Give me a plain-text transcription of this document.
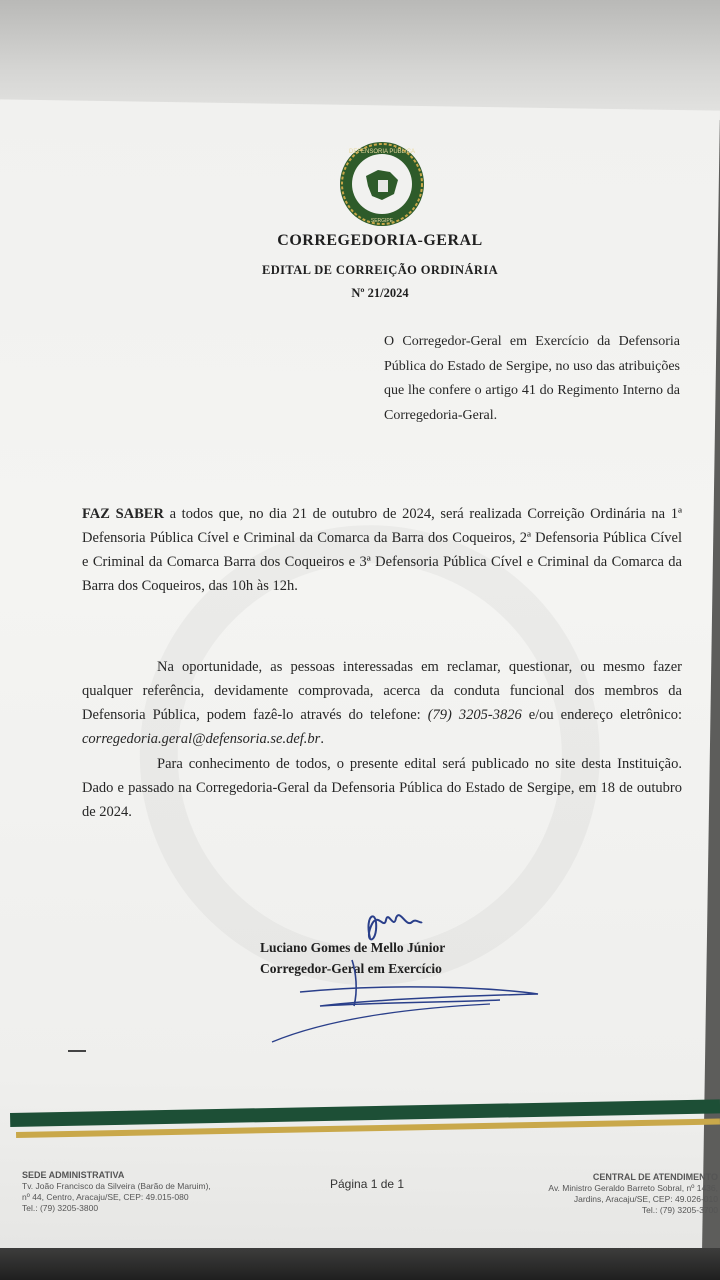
DEFENSORIA PÚBLICA
SERGIPE
CORREGEDORIA-GERAL
EDITAL DE CORREIÇÃO ORDINÁRIA
Nº 21/2024
O Corregedor-Geral em Exercício da Defensoria Pública do Estado de Sergipe, no uso das atribuições que lhe confere o artigo 41 do Regimento Interno da Corregedoria-Geral.
FAZ SABER a todos que, no dia 21 de outubro de 2024, será realizada Correição Ordinária na 1ª Defensoria Pública Cível e Criminal da Comarca da Barra dos Coqueiros, 2ª Defensoria Pública Cível e Criminal da Comarca Barra dos Coqueiros e 3ª Defensoria Pública Cível e Criminal da Comarca da Barra dos Coqueiros, das 10h às 12h.
Na oportunidade, as pessoas interessadas em reclamar, questionar, ou mesmo fazer qualquer referência, devidamente comprovada, acerca da conduta funcional dos membros da Defensoria Pública, podem fazê-lo através do telefone: (79) 3205-3826 e/ou endereço eletrônico: corregedoria.geral@defensoria.se.def.br.
Para conhecimento de todos, o presente edital será publicado no site desta Instituição. Dado e passado na Corregedoria-Geral da Defensoria Pública do Estado de Sergipe, em 18 de outubro de 2024.
Luciano Gomes de Mello Júnior
Corregedor-Geral em Exercício
SEDE ADMINISTRATIVA
Tv. João Francisco da Silveira (Barão de Maruim),
nº 44, Centro, Aracaju/SE, CEP: 49.015-080
Tel.: (79) 3205-3800
Página 1 de 1	CENTRAL DE ATENDIMENTO
Av. Ministro Geraldo Barreto Sobral, nº 1436,
Jardins, Aracaju/SE, CEP: 49.026-010
Tel.: (79) 3205-3700
